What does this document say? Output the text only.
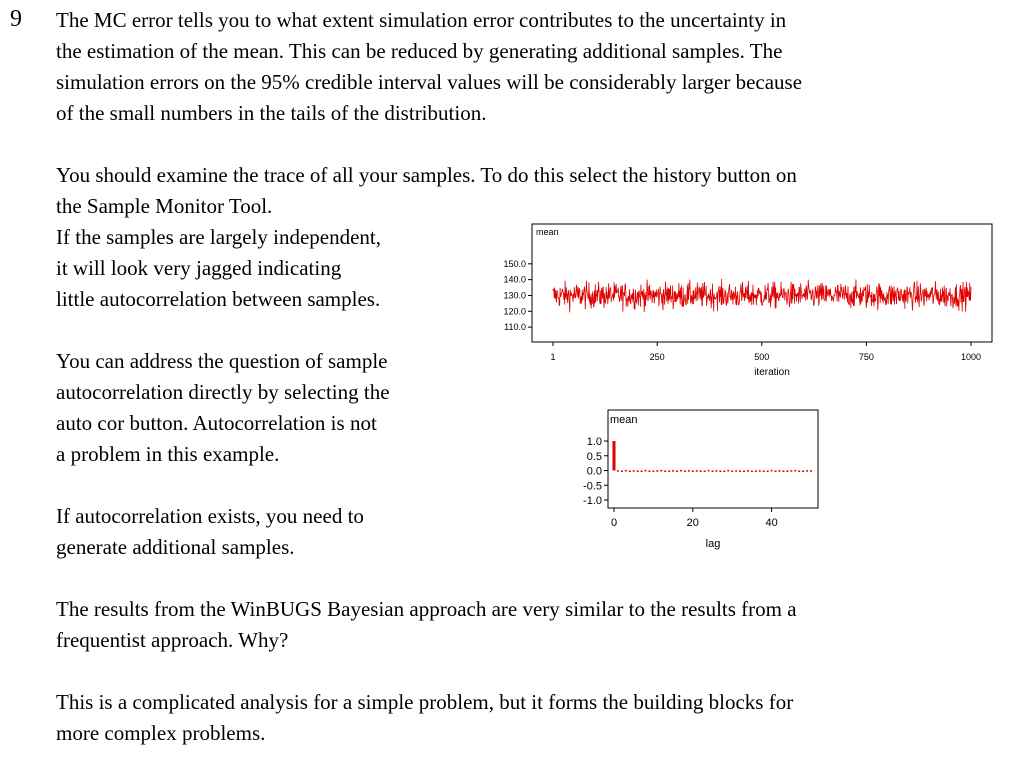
9 The MC error tells you to what extent simulation error contributes to the uncertainty in

the estimation of the mean. This can be reduced by generating additional samples. The

simulation errors on the 95% credible interval values will be considerably larger because

of the small numbers in the tails of the distribution.

You should examine the trace of all your samples. To do this select the history button on

the Sample Monitor Tool.

If the samples are largely independent,

it will look very jagged indicating

little autocorrelation between samples.

You can address the question of sample

autocorrelation directly by selecting the

auto cor button. Autocorrelation is not

a problem in this example.

If autocorrelation exists, you need to

generate additional samples.

The results from the WinBUGS Bayesian approach are very similar to the results from a

frequentist approach. Why?

This is a complicated analysis for a simple problem, but it forms the building blocks for

more complex problems.

mean
110.0
120.0
130.0
140.0
150.0
1	250	500	750	1000
iteration
mean
1.0
0.5
0.0
-0.5
-1.0
0	20	40
lag
